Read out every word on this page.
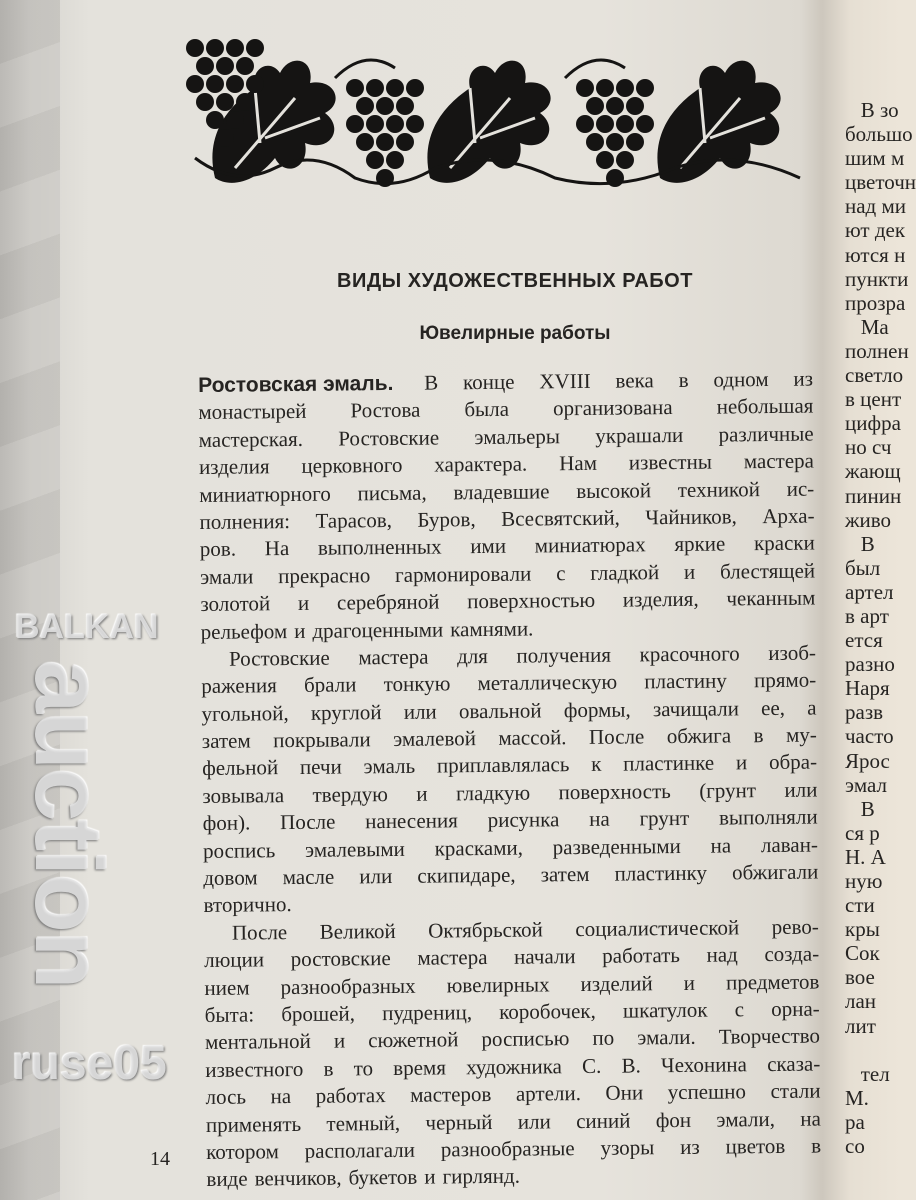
ВИДЫ ХУДОЖЕСТВЕННЫХ РАБОТ
Ювелирные работы
Ростовская эмаль. В конце XVIII века в одном из
монастырей Ростова была организована небольшая
мастерская. Ростовские эмальеры украшали различные
изделия церковного характера. Нам известны мастера
миниатюрного письма, владевшие высокой техникой ис-
полнения: Тарасов, Буров, Всесвятский, Чайников, Арха-
ров. На выполненных ими миниатюрах яркие краски
эмали прекрасно гармонировали с гладкой и блестящей
золотой и серебряной поверхностью изделия, чеканным
рельефом и драгоценными камнями.
Ростовские мастера для получения красочного изоб-
ражения брали тонкую металлическую пластину прямо-
угольной, круглой или овальной формы, зачищали ее, а
затем покрывали эмалевой массой. После обжига в му-
фельной печи эмаль приплавлялась к пластинке и обра-
зовывала твердую и гладкую поверхность (грунт или
фон). После нанесения рисунка на грунт выполняли
роспись эмалевыми красками, разведенными на лаван-
довом масле или скипидаре, затем пластинку обжигали
вторично.
После Великой Октябрьской социалистической рево-
люции ростовские мастера начали работать над созда-
нием разнообразных ювелирных изделий и предметов
быта: брошей, пудрениц, коробочек, шкатулок с орна-
ментальной и сюжетной росписью по эмали. Творчество
известного в то время художника С. В. Чехонина сказа-
лось на работах мастеров артели. Они успешно стали
применять темный, черный или синий фон эмали, на
котором располагали разнообразные узоры из цветов в
виде венчиков, букетов и гирлянд.
В зо
большо
шим м
цветочн
над ми
ют дек
ются н
пункти
прозра
Ма
полнен
светло
в цент
цифра
но сч
жающ
пинин
живо
В
был
артел
в арт
ется
разно
Наря
разв
часто
Ярос
эмал
В
ся р
Н. А
ную
сти
кры
Сок
вое
лан
лит
тел
М.
ра
со
BALKAN
auction
ruse05
14
